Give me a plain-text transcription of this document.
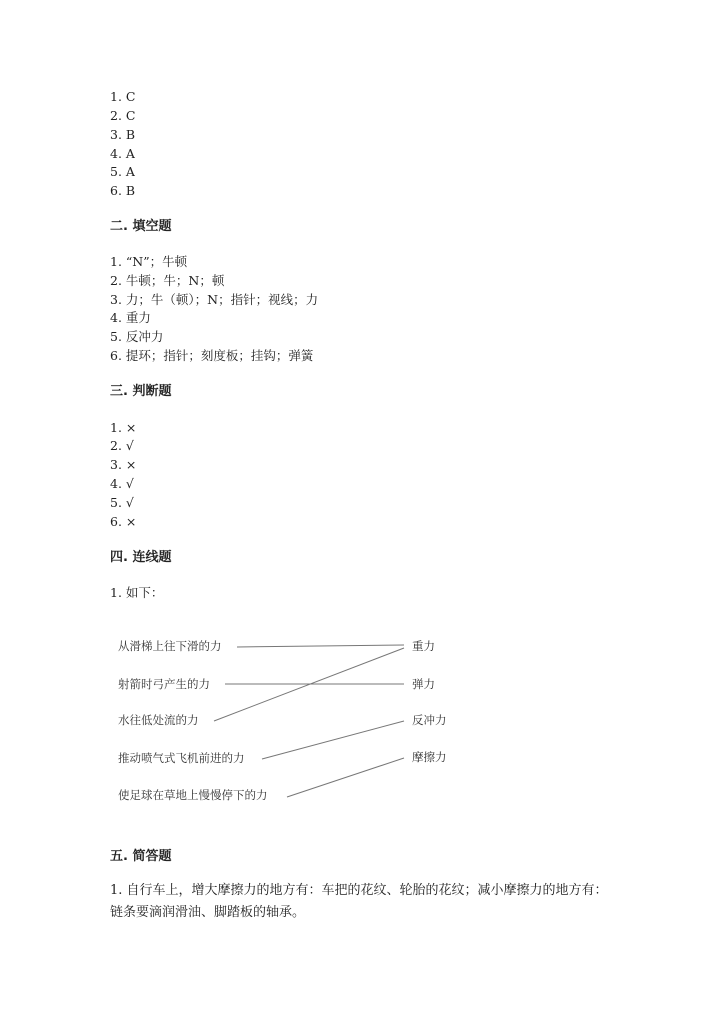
1. C
2. C
3. B
4. A
5. A
6. B
二. 填空题
1. “N”；牛顿
2. 牛顿；牛；N；顿
3. 力；牛（顿）；N；指针；视线；力
4. 重力
5. 反冲力
6. 提环；指针；刻度板；挂钩；弹簧
三. 判断题
1. ×
2. √
3. ×
4. √
5. √
6. ×
四. 连线题
1. 如下：
从滑梯上往下滑的力
射箭时弓产生的力
水往低处流的力
推动喷气式飞机前进的力
使足球在草地上慢慢停下的力
重力
弹力
反冲力
摩擦力
五. 简答题
1. 自行车上，增大摩擦力的地方有：车把的花纹、轮胎的花纹；减小摩擦力的地方有：链条要滴润滑油、脚踏板的轴承。
